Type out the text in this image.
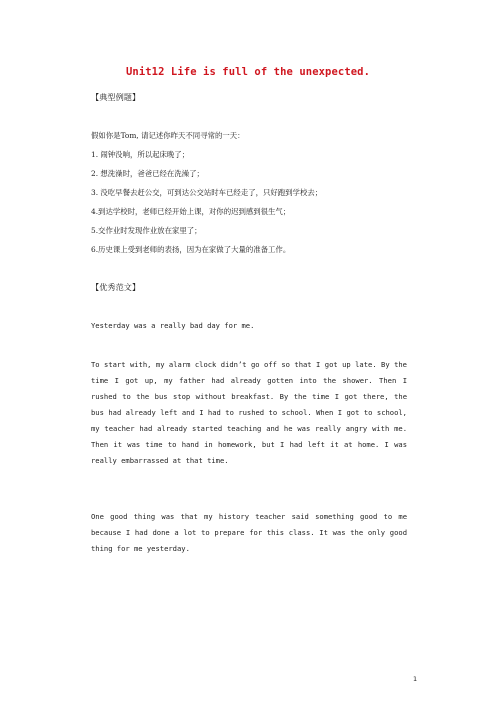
Unit12 Life is full of the unexpected.
【典型例题】
假如你是Tom, 请记述你昨天不同寻常的一天：
1. 闹钟没响，所以起床晚了；
2. 想洗澡时，爸爸已经在洗澡了；
3. 没吃早餐去赶公交，可到达公交站时车已经走了，只好跑到学校去；
4.到达学校时，老师已经开始上课，对你的迟到感到很生气；
5.交作业时发现作业放在家里了；
6.历史课上受到老师的表扬，因为在家做了大量的准备工作。
【优秀范文】
Yesterday was a really bad day for me.
To start with, my alarm clock didn’t go off so that I got up late. By the time I got up, my father had already gotten into the shower. Then I rushed to the bus stop without breakfast. By the time I got there, the bus had already left and I had to rushed to school. When I got to school, my teacher had already started teaching and he was really angry with me. Then it was time to hand in homework, but I had left it at home. I was really embarrassed at that time.
One good thing was that my history teacher said something good to me because I had done a lot to prepare for this class. It was the only good thing for me yesterday.
1
